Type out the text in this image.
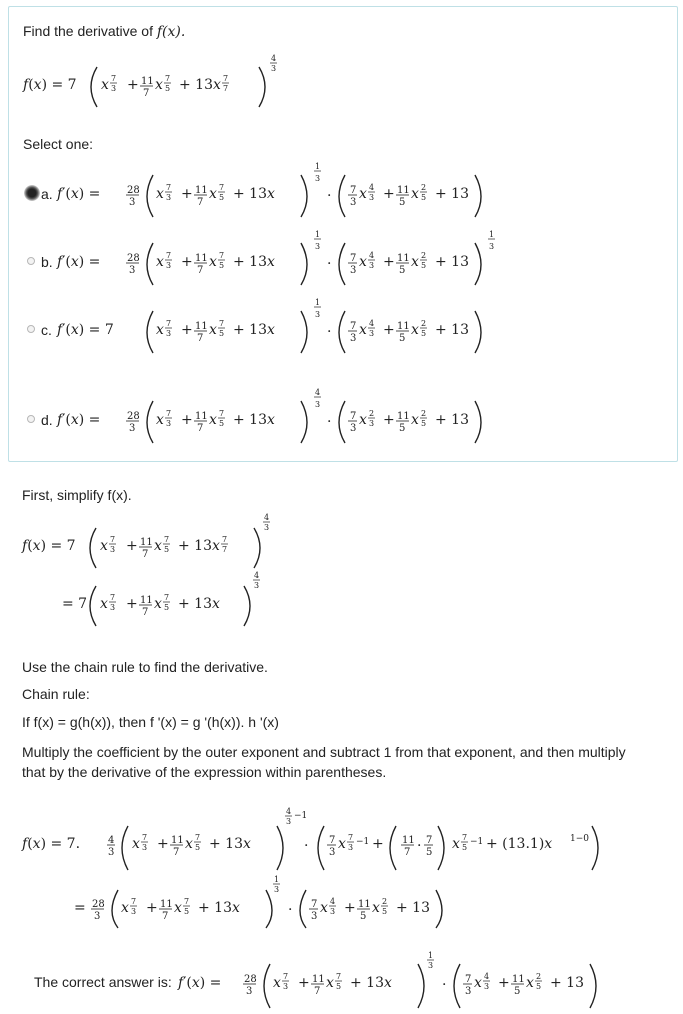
Find the derivative of f(x).
f(x) = 7 x 7
3 + 11
7
x 7
5 + 13 x 7
7
4
3
Select one:
a. f′(x) =	28
3
x 7
3 + 11
7
x 7
5 + 13x
1
3
· 7
3
x 4
3 + 11
5
x 2
5 + 13
b. f′(x) =	28
3
x 7
3 + 11
7
x 7
5 + 13x
1
3
· 7
3
x 4
3 + 11
5
x 2
5 + 13
1
3
c. f′(x) = 7	x 7
3 + 11
7
x 7
5 + 13x
1
3
· 7
3
x 4
3 + 11
5
x 2
5 + 13
d. f′(x) =	28
3
x 7
3 + 11
7
x 7
5 + 13x
4
3
· 7
3
x 2
3 + 11
5
x 2
5 + 13
First, simplify f(x).
f(x) = 7 x 7
3 + 11
7
x 7
5 + 13 x 7
7
4
3
= 7 x 7
3 + 11
7
x 7
5 + 13x
4
3
Use the chain rule to find the derivative.
Chain rule:
If f(x) = g(h(x)), then f '(x) = g '(h(x)). h '(x)
Multiply the coefficient by the outer exponent and subtract 1 from that exponent, and then multiply that by the derivative of the expression within parentheses.
f(x) = 7.	4
3
x 7
3 + 11
7
x 7
5 + 13x
4
3
−1
· 7
3
x 7
3
−1 + 11
7 · 7
5
x 7
5
−1 + (13.1)x 1−0
= 28
3
x 7
3 + 11
7
x 7
5 + 13x
1
3
· 7
3
x 4
3 + 11
5
x 2
5 + 13
The correct answer is: f′(x) = 28
3
x 7
3 + 11
7
x 7
5 + 13x
1
3
· 7
3
x 4
3 + 11
5
x 2
5 + 13
